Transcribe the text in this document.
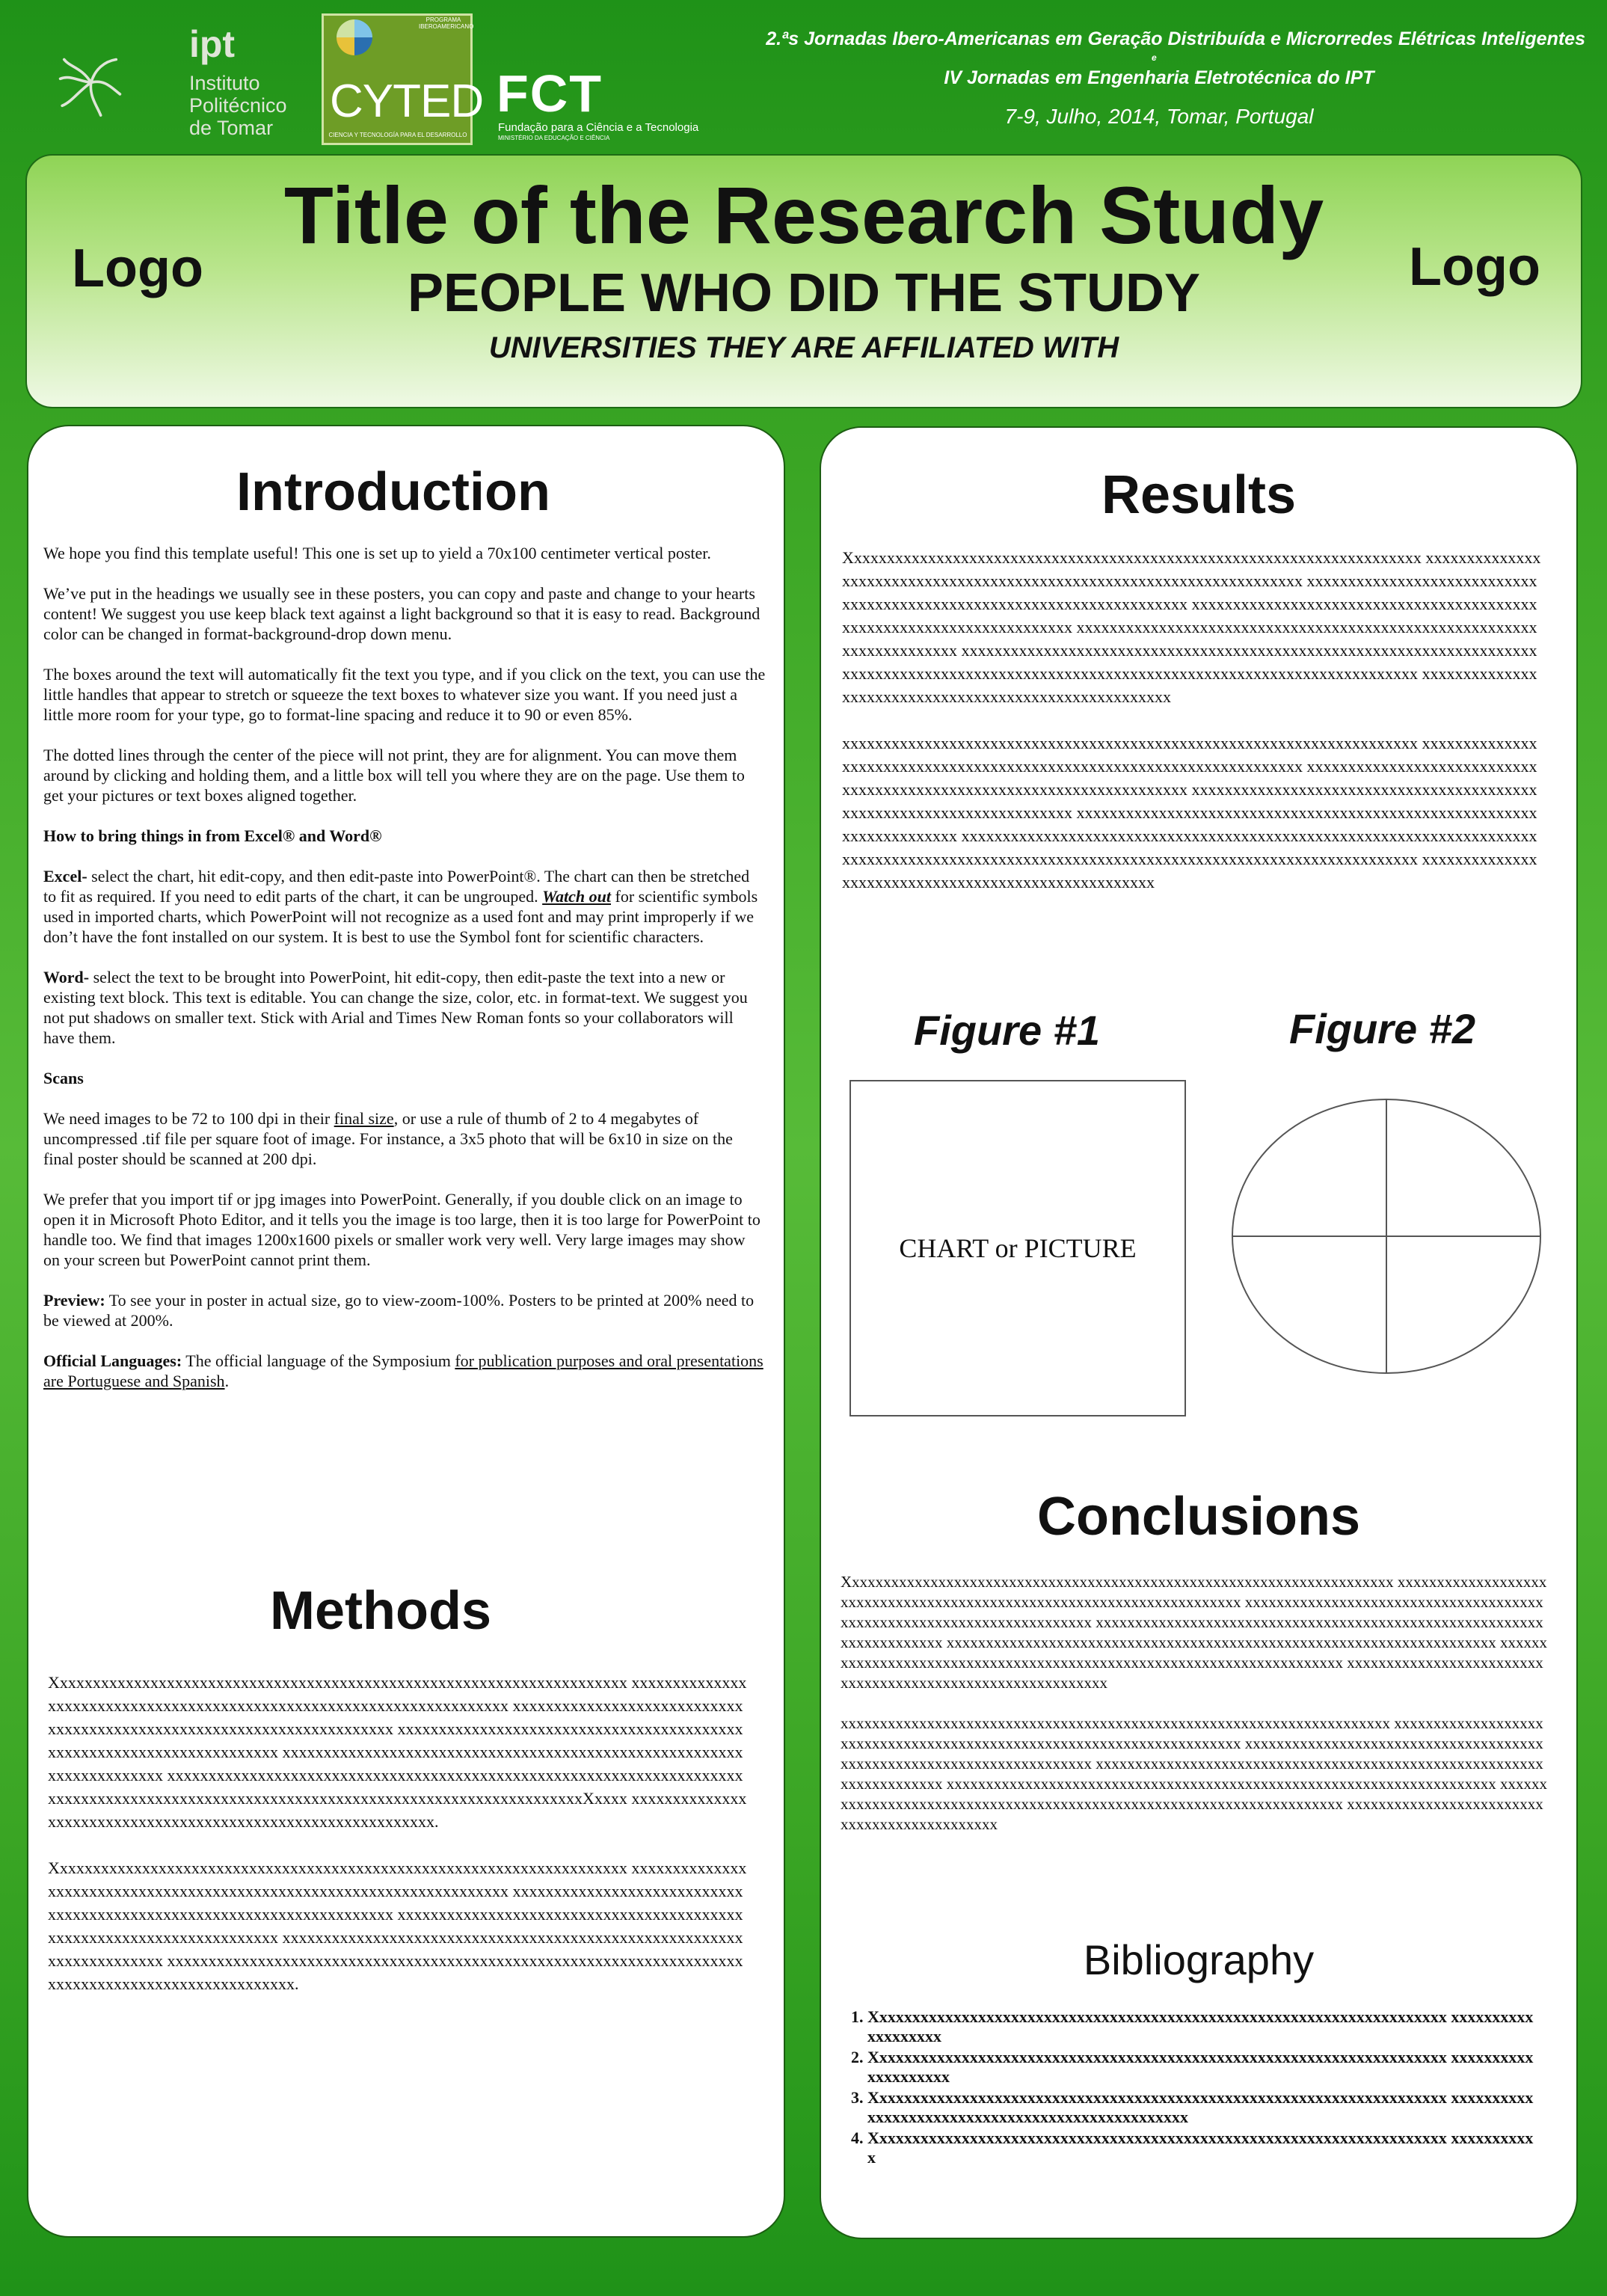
ipt
Instituto
Politécnico
de Tomar
PROGRAMA IBEROAMERICANO
CYTED
CIENCIA Y TECNOLOGÍA PARA EL DESARROLLO
FCT
Fundação para a Ciência e a Tecnologia
MINISTÉRIO DA EDUCAÇÃO E CIÊNCIA
2.ªs Jornadas Ibero-Americanas em Geração Distribuída e Microrredes Elétricas Inteligentes
e
IV Jornadas em Engenharia Eletrotécnica do IPT
7-9, Julho, 2014, Tomar, Portugal
Logo	Logo
Title of the Research Study
PEOPLE WHO DID THE STUDY
UNIVERSITIES THEY ARE AFFILIATED WITH
Introduction

We hope you find this template useful! This one is set up to yield a 70x100 centimeter vertical poster.

We’ve put in the headings we usually see in these posters, you can copy and paste and change to your hearts content! We suggest you use keep black text against a light background so that it is easy to read. Background color can be changed in format-background-drop down menu.

The boxes around the text will automatically fit the text you type, and if you click on the text, you can use the little handles that appear to stretch or squeeze the text boxes to whatever size you want. If you need just a little more room for your type, go to format-line spacing and reduce it to 90 or even 85%.

The dotted lines through the center of the piece will not print, they are for alignment. You can move them around by clicking and holding them, and a little box will tell you where they are on the page. Use them to get your pictures or text boxes aligned together.

How to bring things in from Excel® and Word®

Excel- select the chart, hit edit-copy, and then edit-paste into PowerPoint®. The chart can then be stretched to fit as required. If you need to edit parts of the chart, it can be ungrouped. Watch out for scientific symbols used in imported charts, which PowerPoint will not recognize as a used font and may print improperly if we don’t have the font installed on our system. It is best to use the Symbol font for scientific characters.

Word- select the text to be brought into PowerPoint, hit edit-copy, then edit-paste the text into a new or existing text block. This text is editable. You can change the size, color, etc. in format-text. We suggest you not put shadows on smaller text. Stick with Arial and Times New Roman fonts so your collaborators will have them.

Scans

We need images to be 72 to 100 dpi in their final size, or use a rule of thumb of 2 to 4 megabytes of uncompressed .tif file per square foot of image. For instance, a 3x5 photo that will be 6x10 in size on the final poster should be scanned at 200 dpi.

We prefer that you import tif or jpg images into PowerPoint. Generally, if you double click on an image to open it in Microsoft Photo Editor, and it tells you the image is too large, then it is too large for PowerPoint to handle too. We find that images 1200x1600 pixels or smaller work very well. Very large images may show on your screen but PowerPoint cannot print them.

Preview: To see your in poster in actual size, go to view-zoom-100%. Posters to be printed at 200% need to be viewed at 200%.

Official Languages: The official language of the Symposium for publication purposes and oral presentations are Portuguese and Spanish.

Methods

Xxxxxxxxxxxxxxxxxxxxxxxxxxxxxxxxxxxxxxxxxxxxxxxxxxxxxxxxxxxxxxxxxxxxxx xxxxxxxxxxxxxxxxxxxxxxxxxxxxxxxxxxxxxxxxxxxxxxxxxxxxxxxxxxxxxxxxxxxxxx xxxxxxxxxxxxxxxxxxxxxxxxxxxxxxxxxxxxxxxxxxxxxxxxxxxxxxxxxxxxxxxxxxxxxx xxxxxxxxxxxxxxxxxxxxxxxxxxxxxxxxxxxxxxxxxxxxxxxxxxxxxxxxxxxxxxxxxxxxxx xxxxxxxxxxxxxxxxxxxxxxxxxxxxxxxxxxxxxxxxxxxxxxxxxxxxxxxxxxxxxxxxxxxxxx xxxxxxxxxxxxxxxxxxxxxxxxxxxxxxxxxxxxxxxxxxxxxxxxxxxxxxxxxxxxxxxxxxxxxx xxxxxxxxxxxxxxxxxxxxxxxxxxxxxxxxxxxxxxxxxxxxxxxxxxxxxxxxxxxxxxxxxXxxxx xxxxxxxxxxxxxxxxxxxxxxxxxxxxxxxxxxxxxxxxxxxxxxxxxxxxxxxxxxxxx.

Xxxxxxxxxxxxxxxxxxxxxxxxxxxxxxxxxxxxxxxxxxxxxxxxxxxxxxxxxxxxxxxxxxxxxx xxxxxxxxxxxxxxxxxxxxxxxxxxxxxxxxxxxxxxxxxxxxxxxxxxxxxxxxxxxxxxxxxxxxxx xxxxxxxxxxxxxxxxxxxxxxxxxxxxxxxxxxxxxxxxxxxxxxxxxxxxxxxxxxxxxxxxxxxxxx xxxxxxxxxxxxxxxxxxxxxxxxxxxxxxxxxxxxxxxxxxxxxxxxxxxxxxxxxxxxxxxxxxxxxx xxxxxxxxxxxxxxxxxxxxxxxxxxxxxxxxxxxxxxxxxxxxxxxxxxxxxxxxxxxxxxxxxxxxxx xxxxxxxxxxxxxxxxxxxxxxxxxxxxxxxxxxxxxxxxxxxxxxxxxxxxxxxxxxxxxxxxxxxxxx xxxxxxxxxxxxxxxxxxxxxxxxxxxxxx.

Results

Xxxxxxxxxxxxxxxxxxxxxxxxxxxxxxxxxxxxxxxxxxxxxxxxxxxxxxxxxxxxxxxxxxxxxx xxxxxxxxxxxxxxxxxxxxxxxxxxxxxxxxxxxxxxxxxxxxxxxxxxxxxxxxxxxxxxxxxxxxxx xxxxxxxxxxxxxxxxxxxxxxxxxxxxxxxxxxxxxxxxxxxxxxxxxxxxxxxxxxxxxxxxxxxxxx xxxxxxxxxxxxxxxxxxxxxxxxxxxxxxxxxxxxxxxxxxxxxxxxxxxxxxxxxxxxxxxxxxxxxx xxxxxxxxxxxxxxxxxxxxxxxxxxxxxxxxxxxxxxxxxxxxxxxxxxxxxxxxxxxxxxxxxxxxxx xxxxxxxxxxxxxxxxxxxxxxxxxxxxxxxxxxxxxxxxxxxxxxxxxxxxxxxxxxxxxxxxxxxxxx xxxxxxxxxxxxxxxxxxxxxxxxxxxxxxxxxxxxxxxxxxxxxxxxxxxxxxxxxxxxxxxxxxxxxx xxxxxxxxxxxxxxxxxxxxxxxxxxxxxxxxxxxxxxxxxxxxxxxxxxxxxx

xxxxxxxxxxxxxxxxxxxxxxxxxxxxxxxxxxxxxxxxxxxxxxxxxxxxxxxxxxxxxxxxxxxxxx xxxxxxxxxxxxxxxxxxxxxxxxxxxxxxxxxxxxxxxxxxxxxxxxxxxxxxxxxxxxxxxxxxxxxx xxxxxxxxxxxxxxxxxxxxxxxxxxxxxxxxxxxxxxxxxxxxxxxxxxxxxxxxxxxxxxxxxxxxxx xxxxxxxxxxxxxxxxxxxxxxxxxxxxxxxxxxxxxxxxxxxxxxxxxxxxxxxxxxxxxxxxxxxxxx xxxxxxxxxxxxxxxxxxxxxxxxxxxxxxxxxxxxxxxxxxxxxxxxxxxxxxxxxxxxxxxxxxxxxx xxxxxxxxxxxxxxxxxxxxxxxxxxxxxxxxxxxxxxxxxxxxxxxxxxxxxxxxxxxxxxxxxxxxxx xxxxxxxxxxxxxxxxxxxxxxxxxxxxxxxxxxxxxxxxxxxxxxxxxxxxxxxxxxxxxxxxxxxxxx xxxxxxxxxxxxxxxxxxxxxxxxxxxxxxxxxxxxxxxxxxxxxxxxxxxx

Figure #1	Figure #2
CHART or PICTURE
Conclusions

Xxxxxxxxxxxxxxxxxxxxxxxxxxxxxxxxxxxxxxxxxxxxxxxxxxxxxxxxxxxxxxxxxxxxxx xxxxxxxxxxxxxxxxxxxxxxxxxxxxxxxxxxxxxxxxxxxxxxxxxxxxxxxxxxxxxxxxxxxxxx xxxxxxxxxxxxxxxxxxxxxxxxxxxxxxxxxxxxxxxxxxxxxxxxxxxxxxxxxxxxxxxxxxxxxx xxxxxxxxxxxxxxxxxxxxxxxxxxxxxxxxxxxxxxxxxxxxxxxxxxxxxxxxxxxxxxxxxxxxxx xxxxxxxxxxxxxxxxxxxxxxxxxxxxxxxxxxxxxxxxxxxxxxxxxxxxxxxxxxxxxxxxxxxxxx xxxxxxxxxxxxxxxxxxxxxxxxxxxxxxxxxxxxxxxxxxxxxxxxxxxxxxxxxxxxxxxxxxxxxx xxxxxxxxxxxxxxxxxxxxxxxxxxxxxxxxxxxxxxxxxxxxxxxxxxxxxxxxxxx

xxxxxxxxxxxxxxxxxxxxxxxxxxxxxxxxxxxxxxxxxxxxxxxxxxxxxxxxxxxxxxxxxxxxxx xxxxxxxxxxxxxxxxxxxxxxxxxxxxxxxxxxxxxxxxxxxxxxxxxxxxxxxxxxxxxxxxxxxxxx xxxxxxxxxxxxxxxxxxxxxxxxxxxxxxxxxxxxxxxxxxxxxxxxxxxxxxxxxxxxxxxxxxxxxx xxxxxxxxxxxxxxxxxxxxxxxxxxxxxxxxxxxxxxxxxxxxxxxxxxxxxxxxxxxxxxxxxxxxxx xxxxxxxxxxxxxxxxxxxxxxxxxxxxxxxxxxxxxxxxxxxxxxxxxxxxxxxxxxxxxxxxxxxxxx xxxxxxxxxxxxxxxxxxxxxxxxxxxxxxxxxxxxxxxxxxxxxxxxxxxxxxxxxxxxxxxxxxxxxx xxxxxxxxxxxxxxxxxxxxxxxxxxxxxxxxxxxxxxxxxxxxx

Bibliography
1. Xxxxxxxxxxxxxxxxxxxxxxxxxxxxxxxxxxxxxxxxxxxxxxxxxxxxxxxxxxxxxxxxxxxxxx xxxxxxxxxxxxxxxxxxx
2. Xxxxxxxxxxxxxxxxxxxxxxxxxxxxxxxxxxxxxxxxxxxxxxxxxxxxxxxxxxxxxxxxxxxxxx xxxxxxxxxxxxxxxxxxxx
3. Xxxxxxxxxxxxxxxxxxxxxxxxxxxxxxxxxxxxxxxxxxxxxxxxxxxxxxxxxxxxxxxxxxxxxx xxxxxxxxxxxxxxxxxxxxxxxxxxxxxxxxxxxxxxxxxxxxxxxxx
4. Xxxxxxxxxxxxxxxxxxxxxxxxxxxxxxxxxxxxxxxxxxxxxxxxxxxxxxxxxxxxxxxxxxxxxx xxxxxxxxxxx
